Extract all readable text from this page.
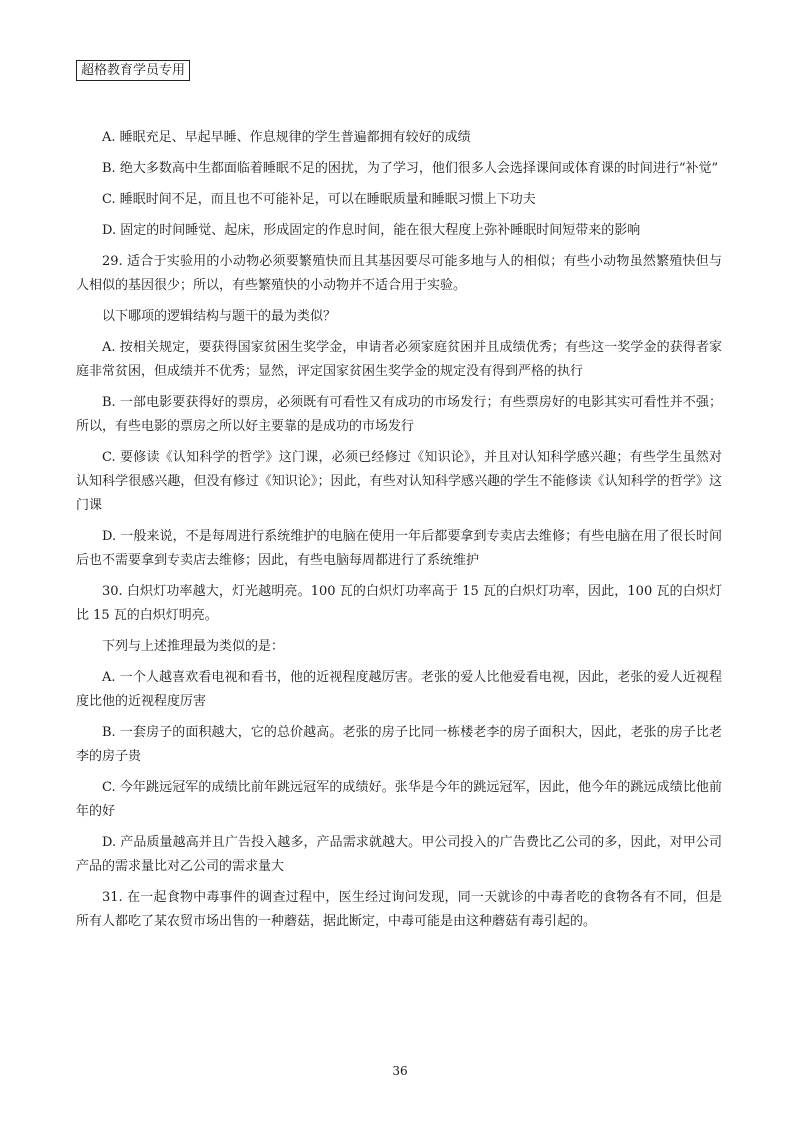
超格教育学员专用

A. 睡眠充足、早起早睡、作息规律的学生普遍都拥有较好的成绩

B. 绝大多数高中生都面临着睡眠不足的困扰，为了学习，他们很多人会选择课间或体育课的时间进行“补觉”

C. 睡眠时间不足，而且也不可能补足，可以在睡眠质量和睡眠习惯上下功夫

D. 固定的时间睡觉、起床，形成固定的作息时间，能在很大程度上弥补睡眠时间短带来的影响

29. 适合于实验用的小动物必须要繁殖快而且其基因要尽可能多地与人的相似；有些小动物虽然繁殖快但与人相似的基因很少；所以，有些繁殖快的小动物并不适合用于实验。

以下哪项的逻辑结构与题干的最为类似？

A. 按相关规定，要获得国家贫困生奖学金，申请者必须家庭贫困并且成绩优秀；有些这一奖学金的获得者家庭非常贫困，但成绩并不优秀；显然，评定国家贫困生奖学金的规定没有得到严格的执行

B. 一部电影要获得好的票房，必须既有可看性又有成功的市场发行；有些票房好的电影其实可看性并不强；所以，有些电影的票房之所以好主要靠的是成功的市场发行

C. 要修读《认知科学的哲学》这门课，必须已经修过《知识论》，并且对认知科学感兴趣；有些学生虽然对认知科学很感兴趣，但没有修过《知识论》；因此，有些对认知科学感兴趣的学生不能修读《认知科学的哲学》这门课

D. 一般来说，不是每周进行系统维护的电脑在使用一年后都要拿到专卖店去维修；有些电脑在用了很长时间后也不需要拿到专卖店去维修；因此，有些电脑每周都进行了系统维护

30. 白炽灯功率越大，灯光越明亮。100 瓦的白炽灯功率高于 15 瓦的白炽灯功率，因此，100 瓦的白炽灯比 15 瓦的白炽灯明亮。

下列与上述推理最为类似的是：

A. 一个人越喜欢看电视和看书，他的近视程度越厉害。老张的爱人比他爱看电视，因此，老张的爱人近视程度比他的近视程度厉害

B. 一套房子的面积越大，它的总价越高。老张的房子比同一栋楼老李的房子面积大，因此，老张的房子比老李的房子贵

C. 今年跳远冠军的成绩比前年跳远冠军的成绩好。张华是今年的跳远冠军，因此，他今年的跳远成绩比他前年的好

D. 产品质量越高并且广告投入越多，产品需求就越大。甲公司投入的广告费比乙公司的多，因此，对甲公司产品的需求量比对乙公司的需求量大

31. 在一起食物中毒事件的调查过程中，医生经过询问发现，同一天就诊的中毒者吃的食物各有不同，但是所有人都吃了某农贸市场出售的一种蘑菇，据此断定，中毒可能是由这种蘑菇有毒引起的。

36
